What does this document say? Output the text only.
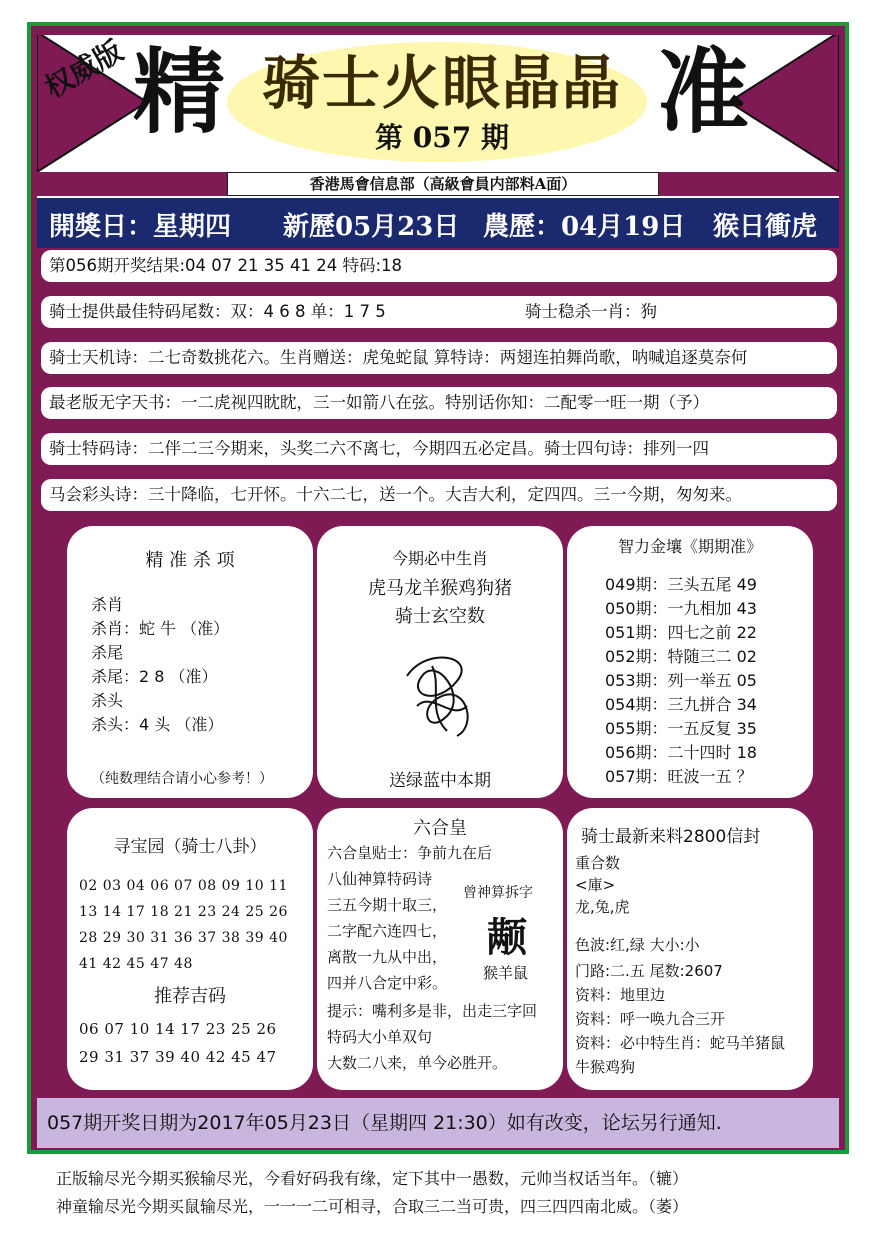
权威版 精	准
骑士火眼晶晶
第 057 期
香港馬會信息部（高級會員内部料A面）
開獎日：星期四 新歷05月23日 農歷：04月19日 猴日衝虎
第056期开奖结果:04 07 21 35 41 24 特码:18
骑士提供最佳特码尾数：双：4 6 8 单：1 7 5	骑士稳杀一肖：狗
骑士天机诗：二七奇数挑花六。生肖赠送：虎兔蛇鼠 算特诗：两翅连拍舞尚歌，呐喊追逐莫奈何
最老版无字天书：一二虎视四眈眈，三一如箭八在弦。特别话你知：二配零一旺一期（予）
骑士特码诗：二伴二三今期来，头奖二六不离七，今期四五必定昌。骑士四句诗：排列一四
马会彩头诗：三十降临，七开怀。十六二七，送一个。大吉大利，定四四。三一今期，匆匆来。
精 准 杀 项
杀肖
杀肖：蛇 牛 （准）
杀尾
杀尾：2 8 （准）
杀头
杀头：4 头 （准）
（纯数理结合请小心参考！）
今期必中生肖
虎马龙羊猴鸡狗猪
骑士玄空数
送绿蓝中本期
智力金壤《期期准》
049期：三头五尾 49
050期：一九相加 43
051期：四七之前 22
052期：特随三二 02
053期：列一举五 05
054期：三九拼合 34
055期：一五反复 35
056期：二十四时 18
057期：旺波一五 ？
寻宝园（骑士八卦）
02 03 04 06 07 08 09 10 11
13 14 17 18 21 23 24 25 26
28 29 30 31 36 37 38 39 40
41 42 45 47 48
推荐吉码
06 07 10 14 17 23 25 26
29 31 37 39 40 42 45 47
六合皇
六合皇贴士：争前九在后
八仙神算特码诗
三五今期十取三，
二字配六连四七，
离散一九从中出，
四并八合定中彩。
曾神算拆字
颟
猴羊鼠
提示：嘴利多是非，出走三字回
特码大小单双句
大数二八来，单今必胜开。
骑士最新来料2800信封
重合数
<庫>
龙,兔,虎
色波:红,绿 大小:小
门路:二.五 尾数:2607
资料：地里边
资料：呼一唤九合三开
资料：必中特生肖：蛇马羊猪鼠
牛猴鸡狗
057期开奖日期为2017年05月23日（星期四 21:30）如有改变，论坛另行通知.
正版输尽光今期买猴输尽光，今看好码我有缘，定下其中一愚数，元帅当权话当年。（辘）
神童输尽光今期买鼠输尽光，一一一二可相寻，合取三二当可贵，四三四四南北威。（萎）
